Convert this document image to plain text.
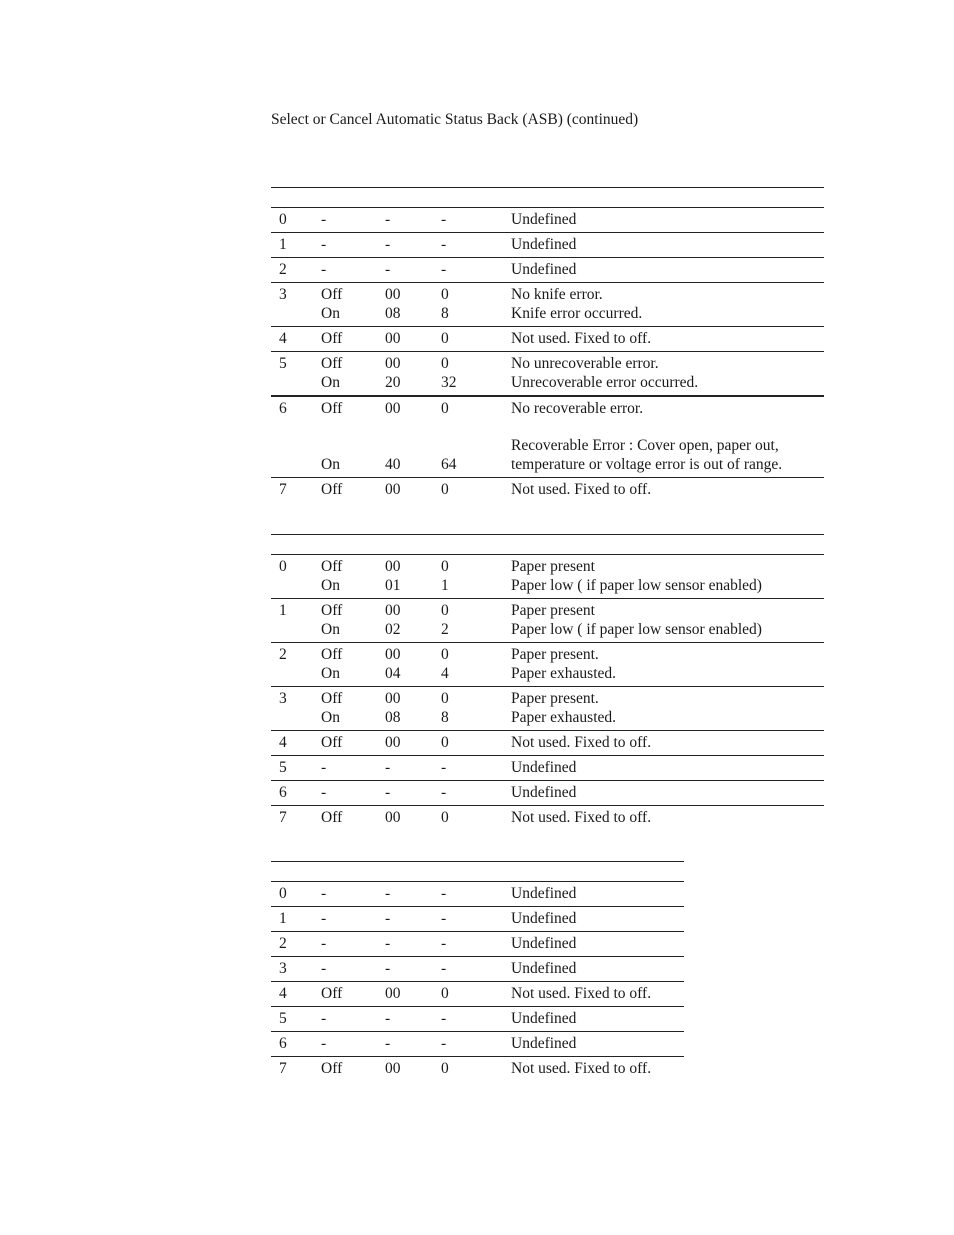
Select or Cancel Automatic Status Back (ASB) (continued)
0	-	-	-	Undefined
1	-	-	-	Undefined
2	-	-	-	Undefined
3	Off	00	0	No knife error.
On	08	8	Knife error occurred.
4	Off	00	0	Not used. Fixed to off.
5	Off	00	0	No unrecoverable error.
On	20	32	Unrecoverable error occurred.
6	Off	00	0	No recoverable error.
Recoverable Error : Cover open, paper out,
On	40	64	temperature or voltage error is out of range.
7	Off	00	0	Not used. Fixed to off.
0	Off	00	0	Paper present
On	01	1	Paper low ( if paper low sensor enabled)
1	Off	00	0	Paper present
On	02	2	Paper low ( if paper low sensor enabled)
2	Off	00	0	Paper present.
On	04	4	Paper exhausted.
3	Off	00	0	Paper present.
On	08	8	Paper exhausted.
4	Off	00	0	Not used. Fixed to off.
5	-	-	-	Undefined
6	-	-	-	Undefined
7	Off	00	0	Not used. Fixed to off.
0	-	-	-	Undefined
1	-	-	-	Undefined
2	-	-	-	Undefined
3	-	-	-	Undefined
4	Off	00	0	Not used. Fixed to off.
5	-	-	-	Undefined
6	-	-	-	Undefined
7	Off	00	0	Not used. Fixed to off.
